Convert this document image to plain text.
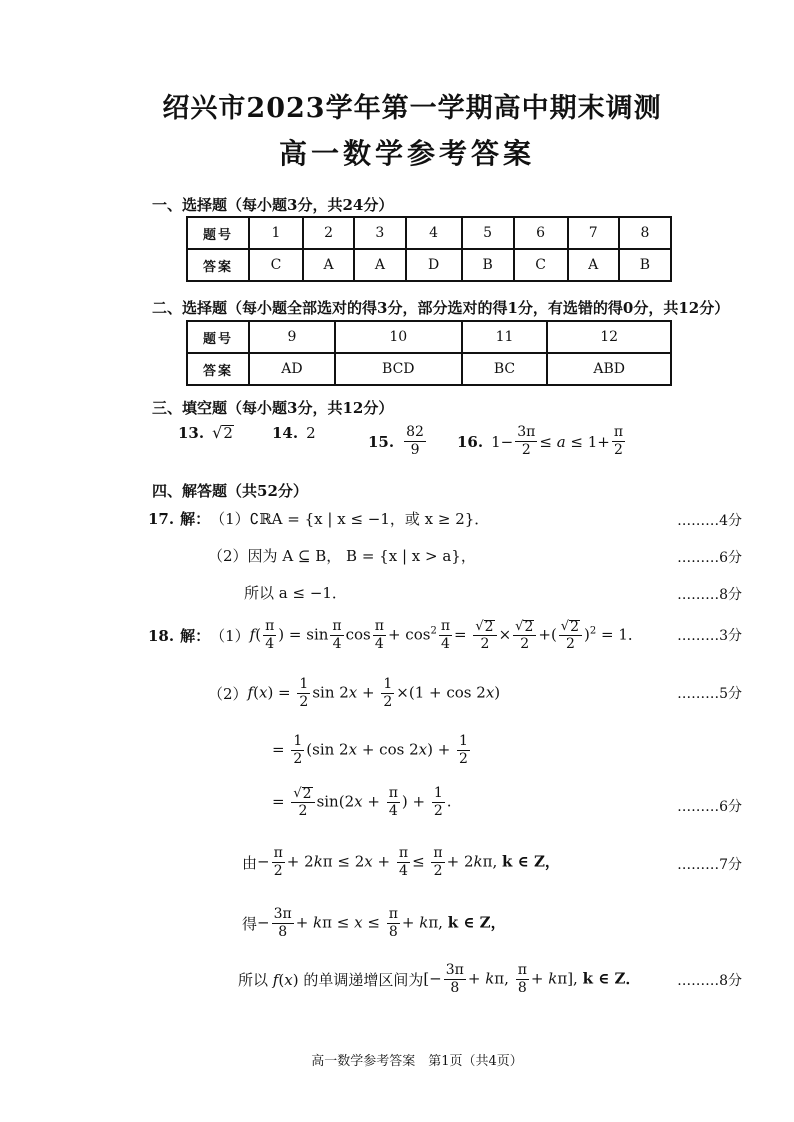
绍兴市2023学年第一学期高中期末调测
高一数学参考答案
一、选择题（每小题3分，共24分）
题号	1	2	3	4	5	6	7	8
答案	C	A	A	D	B	C	A	B
二、选择题（每小题全部选对的得3分，部分选对的得1分，有选错的得0分，共12分）
题号	9	10	11	12
答案	AD	BCD	BC	ABD
三、填空题（每小题3分，共12分）
13. √ 2	14. 2	15. $\frac{82}{9} 16$. $1- \frac{3\pi}{2} \le a \le 1+ \frac{\pi}{2}$
四、解答题（共52分）
17. 解： （1） ∁ℝA = {x | x ≤ −1，或 x ≥ 2}．	………4分
（2） 因为 A ⊆ B， B = {x | x > a}，	………6分
所以 a ≤ −1．	………8分
18. 解： （1） $f( \frac{\pi}{4}$ ) = $\sin \frac{\pi}{4}$ $\cos \frac{\pi}{4} + \cos^2 \frac{\pi}{4} = \frac{√ 2}{2} \times \frac{√ 2}{2}$ +( $\frac{√ 2}{2} )^2 = 1$． ………3分
（2） $f(x) = \frac{1}{2}$ $\sin 2x + \frac{1}{2} \times(1 + \cos 2x)$	………5分
= $\frac{1}{2} (\sin$ $2x + \cos 2x) + \frac{1}{2}$
= $\frac{√ 2}{2} \sin(2x + \frac{\pi}{4}$ ) + $\frac{1}{2}$ .	………6分
由 − $\frac{\pi}{2} + 2k\pi \le 2x + \frac{\pi}{4} \le \frac{\pi}{2} + 2k\pi$, k ∈ Z，	………7分
得 − $\frac{3\pi}{8} + k\pi \le x \le \frac{\pi}{8} + k\pi$, k ∈ Z，
所以 f(x) 的单调递增区间为 [− $\frac{3\pi}{8} + k\pi$, $\frac{\pi}{8} + k\pi$], k ∈ Z．	………8分
高一数学参考答案　第1页（共4页）
